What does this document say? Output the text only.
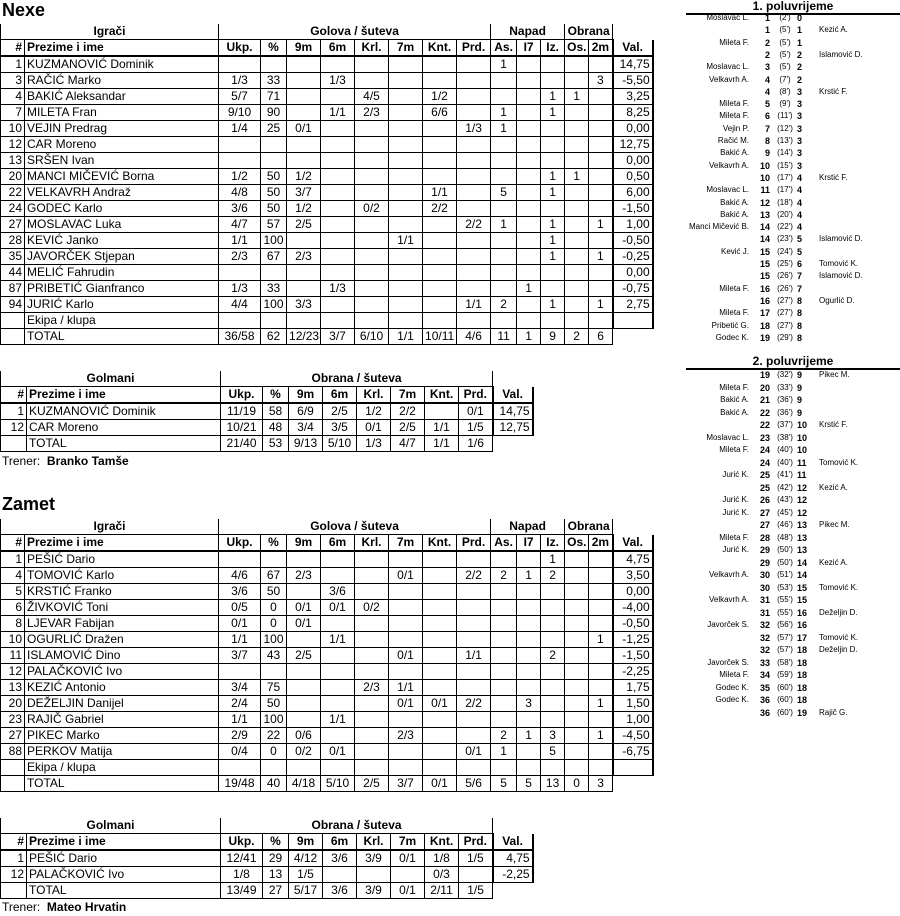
Nexe
Igrači		Golova / šuteva								Napad			Obrana		
#	Prezime i ime	Ukp.	%	9m	6m	Krl.	7m	Knt.	Prd.	As.	I7	Iz.	Os.	2m	Val.
1	KUZMANOVIĆ Dominik									1					14,75
3	RAČIĆ Marko	1/3	33		1/3									3	-5,50
4	BAKIĆ Aleksandar	5/7	71			4/5		1/2				1	1		3,25
7	MILETA Fran	9/10	90		1/1	2/3		6/6		1		1			8,25
10	VEJIN Predrag	1/4	25	0/1					1/3	1					0,00
12	CAR Moreno														12,75
13	SRŠEN Ivan														0,00
20	MANCI MIČEVIĆ Borna	1/2	50	1/2								1	1		0,50
22	VELKAVRH Andraž	4/8	50	3/7				1/1		5		1			6,00
24	GODEC Karlo	3/6	50	1/2		0/2		2/2							-1,50
27	MOSLAVAC Luka	4/7	57	2/5					2/2	1		1		1	1,00
28	KEVIĆ Janko	1/1	100				1/1					1			-0,50
35	JAVORČEK Stjepan	2/3	67	2/3								1		1	-0,25
44	MELIĆ Fahrudin														0,00
87	PRIBETIĆ Gianfranco	1/3	33		1/3						1				-0,75
94	JURIĆ Karlo	4/4	100	3/3					1/1	2		1		1	2,75
	Ekipa / klupa														
	TOTAL	36/58	62	12/23	3/7	6/10	1/1	10/11	4/6	11	1	9	2	6	
Golmani		Obrana / šuteva								
#	Prezime i ime	Ukp.	%	9m	6m	Krl.	7m	Knt.	Prd.	Val.
1	KUZMANOVIĆ Dominik	11/19	58	6/9	2/5	1/2	2/2		0/1	14,75
12	CAR Moreno	10/21	48	3/4	3/5	0/1	2/5	1/1	1/5	12,75
	TOTAL	21/40	53	9/13	5/10	1/3	4/7	1/1	1/6	
Trener: Branko Tamše
Zamet
Igrači		Golova / šuteva								Napad			Obrana		
#	Prezime i ime	Ukp.	%	9m	6m	Krl.	7m	Knt.	Prd.	As.	I7	Iz.	Os.	2m	Val.
1	PEŠIĆ Dario											1			4,75
4	TOMOVIĆ Karlo	4/6	67	2/3			0/1		2/2	2	1	2			3,50
5	KRSTIĆ Franko	3/6	50		3/6										0,00
6	ŽIVKOVIĆ Toni	0/5	0	0/1	0/1	0/2									-4,00
8	LJEVAR Fabijan	0/1	0	0/1											-0,50
10	OGURLIĆ Dražen	1/1	100		1/1									1	-1,25
11	ISLAMOVIĆ Dino	3/7	43	2/5			0/1		1/1			2			-1,50
12	PALAČKOVIĆ Ivo														-2,25
13	KEZIĆ Antonio	3/4	75			2/3	1/1								1,75
20	DEŽELJIN Danijel	2/4	50				0/1	0/1	2/2		3			1	1,50
23	RAJIČ Gabriel	1/1	100		1/1										1,00
27	PIKEC Marko	2/9	22	0/6			2/3			2	1	3		1	-4,50
88	PERKOV Matija	0/4	0	0/2	0/1				0/1	1		5			-6,75
	Ekipa / klupa														
	TOTAL	19/48	40	4/18	5/10	2/5	3/7	0/1	5/6	5	5	13	0	3	
Golmani		Obrana / šuteva								
#	Prezime i ime	Ukp.	%	9m	6m	Krl.	7m	Knt.	Prd.	Val.
1	PEŠIĆ Dario	12/41	29	4/12	3/6	3/9	0/1	1/8	1/5	4,75
12	PALAČKOVIĆ Ivo	1/8	13	1/5				0/3		-2,25
	TOTAL	13/49	27	5/17	3/6	3/9	0/1	2/11	1/5	
Trener: Mateo Hrvatin
1. poluvrijeme
2. poluvrijeme
Moslavac L.	1	(2') 0
1	(5') 1	Kezić A.
Mileta F.	2	(5') 1
2	(5') 2	Islamović D.
Moslavac L.	3	(5') 2
Velkavrh A.	4	(7') 2
4	(8') 3	Krstić F.
Mileta F.	5	(9') 3
Mileta F.	6 (11') 3
Vejin P.	7 (12') 3
Račić M.	8 (13') 3
Bakić A.	9 (14') 3
Velkavrh A.	10 (15') 3
10 (17') 4	Krstić F.
Moslavac L.	11 (17') 4
Bakić A.	12 (18') 4
Bakić A.	13 (20') 4
Manci Mičević B.	14 (22') 4
14 (23') 5	Islamović D.
Kević J.	15 (24') 5
15 (25') 6	Tomović K.
15 (26') 7	Islamović D.
Mileta F.	16 (26') 7
16 (27') 8	Ogurlić D.
Mileta F.	17 (27') 8
Pribetić G.	18 (27') 8
Godec K.	19 (29') 8
19 (32') 9	Pikec M.
Mileta F.	20 (33') 9
Bakić A.	21 (36') 9
Bakić A.	22 (36') 9
22 (37') 10 Krstić F.
Moslavac L.	23 (38') 10
Mileta F.	24 (40') 10
24 (40') 11	Tomović K.
Jurić K.	25 (41') 11
25 (42') 12 Kezić A.
Jurić K.	26 (43') 12
Jurić K.	27 (45') 12
27 (46') 13 Pikec M.
Mileta F.	28 (48') 13
Jurić K.	29 (50') 13
29 (50') 14 Kezić A.
Velkavrh A.	30 (51') 14
30 (53') 15 Tomović K.
Velkavrh A.	31 (55') 15
31 (55') 16 Deželjin D.
Javorček S.	32 (56') 16
32 (57') 17 Tomović K.
32 (57') 18 Deželjin D.
Javorček S.	33 (58') 18
Mileta F.	34 (59') 18
Godec K.	35 (60') 18
Godec K.	36 (60') 18
36 (60') 19 Rajič G.
